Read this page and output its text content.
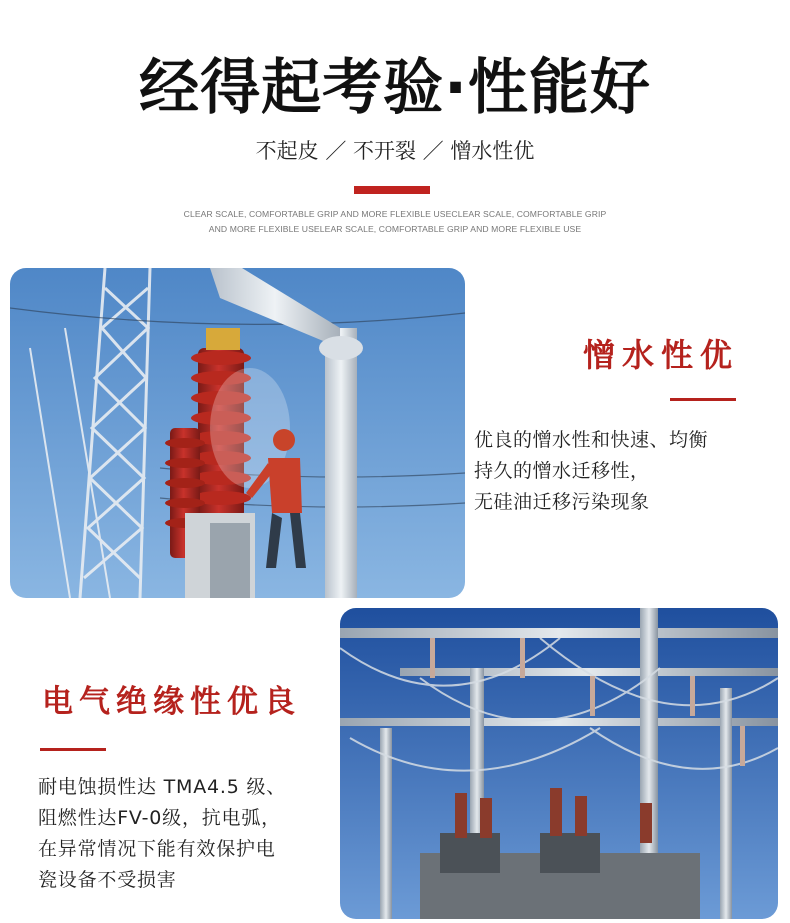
经得起考验·性能好
不起皮 ／ 不开裂 ／ 憎水性优
CLEAR SCALE, COMFORTABLE GRIP AND MORE FLEXIBLE USECLEAR SCALE, COMFORTABLE GRIP AND MORE FLEXIBLE USELEAR SCALE, COMFORTABLE GRIP AND MORE FLEXIBLE USE
憎水性优
优良的憎水性和快速、均衡
持久的憎水迁移性，
无硅油迁移污染现象
电气绝缘性优良
耐电蚀损性达 TMA4.5 级、
阻燃性达FV-0级，抗电弧，
在异常情况下能有效保护电
瓷设备不受损害
